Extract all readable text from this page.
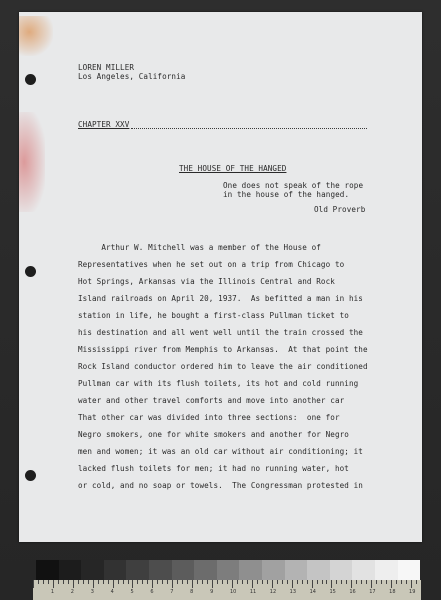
LOREN MILLER
Los Angeles, California
CHAPTER XXV
THE HOUSE OF THE HANGED
One does not speak of the rope
in the house of the hanged.
Old Proverb
Arthur W. Mitchell was a member of the House of
Representatives when he set out on a trip from Chicago to
Hot Springs, Arkansas via the Illinois Central and Rock
Island railroads on April 20, 1937.  As befitted a man in his
station in life, he bought a first-class Pullman ticket to
his destination and all went well until the train crossed the
Mississippi river from Memphis to Arkansas.  At that point the
Rock Island conductor ordered him to leave the air conditioned
Pullman car with its flush toilets, its hot and cold running
water and other travel comforts and move into another car
That other car was divided into three sections:  one for
Negro smokers, one for white smokers and another for Negro
men and women; it was an old car without air conditioning; it
lacked flush toilets for men; it had no running water, hot
or cold, and no soap or towels.  The Congressman protested in
1	2	3	4	5	6	7	8	9	10	11	12	13	14	15	16	17	18	19
